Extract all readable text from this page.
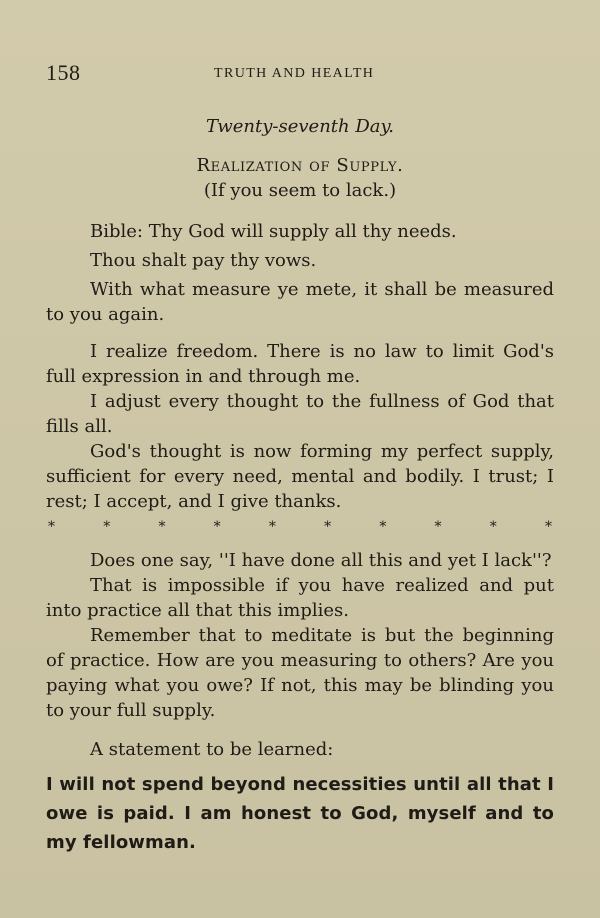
158	TRUTH AND HEALTH
Twenty-seventh Day.
Realization of Supply.
(If you seem to lack.)

Bible: Thy God will supply all thy needs.

Thou shalt pay thy vows.

With what measure ye mete, it shall be measured to you again.

I realize freedom. There is no law to limit God's full expression in and through me.

I adjust every thought to the fullness of God that fills all.

God's thought is now forming my perfect supply, sufficient for every need, mental and bodily. I trust; I rest; I accept, and I give thanks.

*	*	*	*	*	*	*	*	*	*

Does one say, ''I have done all this and yet I lack''?

That is impossible if you have realized and put into practice all that this implies.

Remember that to meditate is but the beginning of practice. How are you measuring to others? Are you paying what you owe? If not, this may be blinding you to your full supply.

A statement to be learned:

I will not spend beyond necessities until all that I owe is paid. I am honest to God, myself and to my fellowman.
